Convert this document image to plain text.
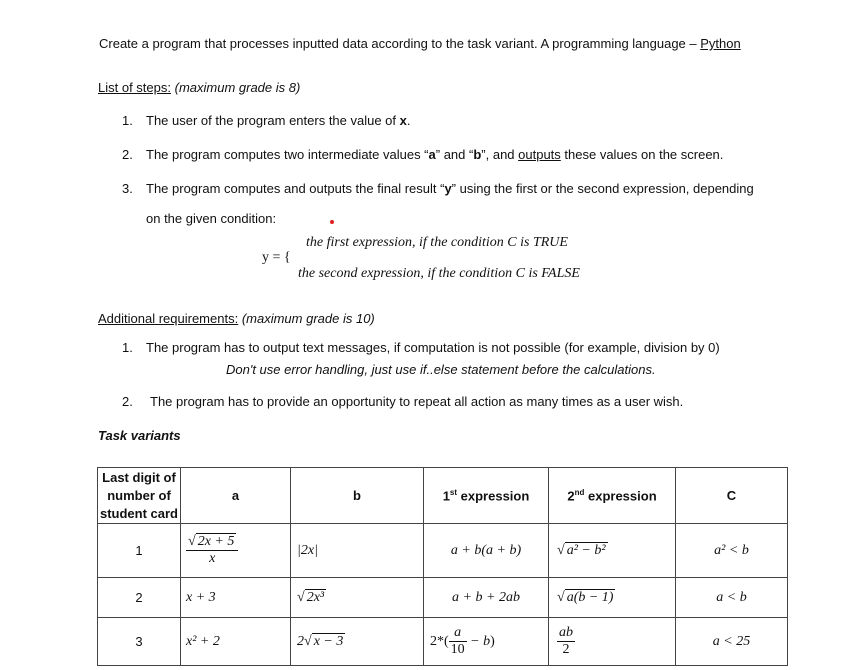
Create a program that processes inputted data according to the task variant. A programming language – Python
List of steps: (maximum grade is 8)
1. The user of the program enters the value of x.
2. The program computes two intermediate values “a” and “b”, and outputs these values on the screen.
3. The program computes and outputs the final result “y” using the first or the second expression, depending
on the given condition:
the first expression, if the condition C is TRUE
y = {
the second expression, if the condition C is FALSE
Additional requirements: (maximum grade is 10)
1. The program has to output text messages, if computation is not possible (for example, division by 0)
Don't use error handling, just use if..else statement before the calculations.
2. The program has to provide an opportunity to repeat all action as many times as a user wish.
Task variants
Last digit of
number of
student card	a	b	1st expression	2nd expression	C
1	$\frac{√ 2x + 5}{x}$	|2x|	a + b(a + b)	√ a² − b²	a² < b
2	x + 3	√ 2x³	a + b + 2ab	√ a(b − 1)	a < b
3	x² + 2	2√ x − 3	$2*( \frac{a}{10} - b)$	$\frac{ab}{2}$	a < 25
